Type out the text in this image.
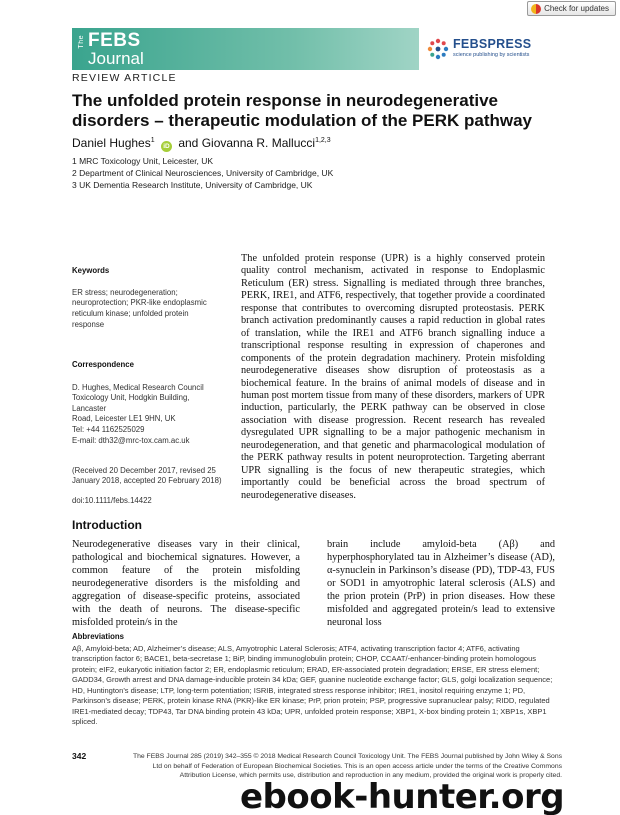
Check for updates
The FEBS
Journal
FEBSPRESS
science publishing by scientists
REVIEW ARTICLE
The unfolded protein response in neurodegenerative disorders – therapeutic modulation of the PERK pathway
Daniel Hughes$^1$ iD and Giovanna R. Mallucci$^{1,2,3}$
1 MRC Toxicology Unit, Leicester, UK
2 Department of Clinical Neurosciences, University of Cambridge, UK
3 UK Dementia Research Institute, University of Cambridge, UK

Keywords

ER stress; neurodegeneration;
neuroprotection; PKR-like endoplasmic
reticulum kinase; unfolded protein response

Correspondence

D. Hughes, Medical Research Council
Toxicology Unit, Hodgkin Building, Lancaster
Road, Leicester LE1 9HN, UK
Tel: +44 1162525029
E-mail: dth32@mrc-tox.cam.ac.uk

(Received 20 December 2017, revised 25
January 2018, accepted 20 February 2018)
doi:10.1111/febs.14422

The unfolded protein response (UPR) is a highly conserved protein quality control mechanism, activated in response to Endoplasmic Reticulum (ER) stress. Signalling is mediated through three branches, PERK, IRE1, and ATF6, respectively, that together provide a coordinated response that contributes to overcoming disrupted proteostasis. PERK branch activation predominantly causes a rapid reduction in global rates of translation, while the IRE1 and ATF6 branch signalling induce a transcriptional response resulting in expression of chaperones and components of the protein degradation machinery. Protein misfolding neurodegenerative diseases show disruption of proteostasis as a biochemical feature. In the brains of animal models of disease and in human post mortem tissue from many of these disorders, markers of UPR induction, particularly, the PERK pathway can be observed in close association with disease progression. Recent research has revealed dysregulated UPR signalling to be a major pathogenic mechanism in neurodegeneration, and that genetic and pharmacological modulation of the PERK pathway results in potent neuroprotection. Targeting aberrant UPR signalling is the focus of new therapeutic strategies, which importantly could be beneficial across the broad spectrum of neurodegenerative diseases.

Introduction

Neurodegenerative diseases vary in their clinical, pathological and biochemical signatures. However, a common feature of the protein misfolding neurodegenerative disorders is the misfolding and aggregation of disease-specific proteins, associated with the death of neurons. The disease-specific misfolded protein/s in the

brain include amyloid-beta (Aβ) and hyperphosphorylated tau in Alzheimer’s disease (AD), α-synuclein in Parkinson’s disease (PD), TDP-43, FUS or SOD1 in amyotrophic lateral sclerosis (ALS) and the prion protein (PrP) in prion diseases. How these misfolded and aggregated protein/s lead to extensive neuronal loss

Abbreviations
Aβ, Amyloid-beta; AD, Alzheimer’s disease; ALS, Amyotrophic Lateral Sclerosis; ATF4, activating transcription factor 4; ATF6, activating transcription factor 6; BACE1, beta-secretase 1; BiP, binding immunoglobulin protein; CHOP, CCAAT/-enhancer-binding protein homologous protein; eIF2, eukaryotic initiation factor 2; ER, endoplasmic reticulum; ERAD, ER-associated protein degradation; ERSE, ER stress element; GADD34, Growth arrest and DNA damage-inducible protein 34 kDa; GEF, guanine nucleotide exchange factor; GLS, golgi localization sequence; HD, Huntington’s disease; LTP, long-term potentiation; ISRIB, integrated stress response inhibitor; IRE1, inositol requiring enzyme 1; PD, Parkinson’s disease; PERK, protein kinase RNA (PKR)-like ER kinase; PrP, prion protein; PSP, progressive supranuclear palsy; RIDD, regulated IRE1-mediated decay; TDP43, Tar DNA binding protein 43 kDa; UPR, unfolded protein response; XBP1, X-box binding protein 1; XBP1s, XBP1 spliced.
342	The FEBS Journal 285 (2019) 342–355 © 2018 Medical Research Council Toxicology Unit. The FEBS Journal published by John Wiley & Sons Ltd on behalf of Federation of European Biochemical Societies. This is an open access article under the terms of the Creative Commons Attribution License, which permits use, distribution and reproduction in any medium, provided the original work is properly cited.
ebook-hunter.org
